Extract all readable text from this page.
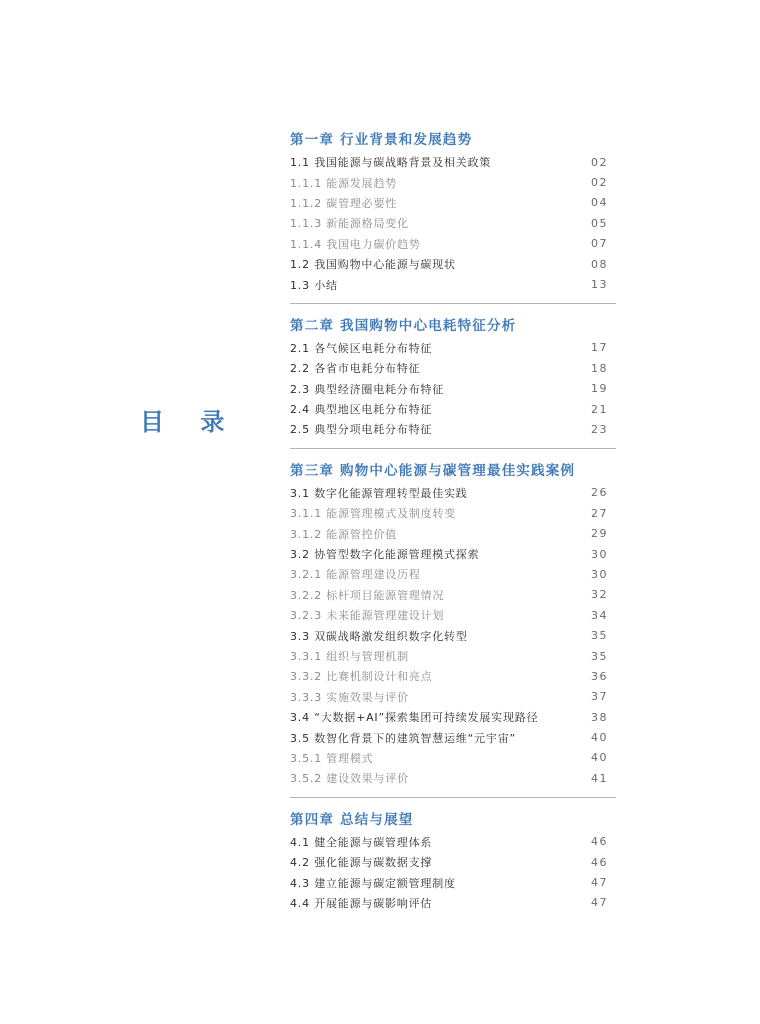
目 录
第一章 行业背景和发展趋势
1.1 我国能源与碳战略背景及相关政策	02
1.1.1 能源发展趋势	02
1.1.2 碳管理必要性	04
1.1.3 新能源格局变化	05
1.1.4 我国电力碳价趋势	07
1.2 我国购物中心能源与碳现状	08
1.3 小结	13
第二章 我国购物中心电耗特征分析
2.1 各气候区电耗分布特征	17
2.2 各省市电耗分布特征	18
2.3 典型经济圈电耗分布特征	19
2.4 典型地区电耗分布特征	21
2.5 典型分项电耗分布特征	23
第三章 购物中心能源与碳管理最佳实践案例
3.1 数字化能源管理转型最佳实践	26
3.1.1 能源管理模式及制度转变	27
3.1.2 能源管控价值	29
3.2 协管型数字化能源管理模式探索	30
3.2.1 能源管理建设历程	30
3.2.2 标杆项目能源管理情况	32
3.2.3 未来能源管理建设计划	34
3.3 双碳战略激发组织数字化转型	35
3.3.1 组织与管理机制	35
3.3.2 比赛机制设计和亮点	36
3.3.3 实施效果与评价	37
3.4 “大数据+AI”探索集团可持续发展实现路径	38
3.5 数智化背景下的建筑智慧运维“元宇宙”	40
3.5.1 管理模式	40
3.5.2 建设效果与评价	41
第四章 总结与展望
4.1 健全能源与碳管理体系	46
4.2 强化能源与碳数据支撑	46
4.3 建立能源与碳定额管理制度	47
4.4 开展能源与碳影响评估	47
